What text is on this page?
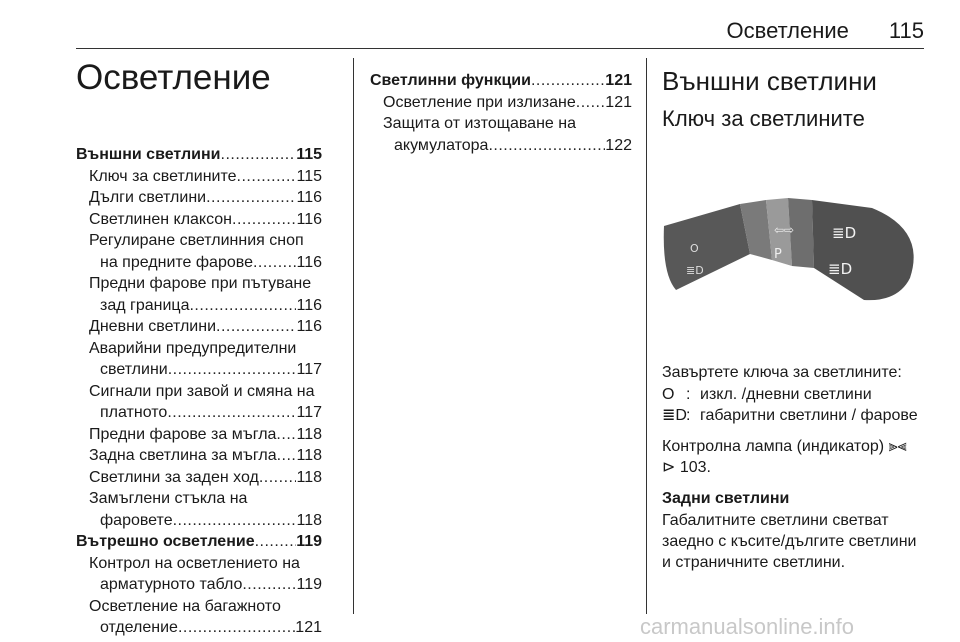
Осветление 115
Осветление
Външни светлини .....	115
Ключ за светлините .....	115
Дълги светлини .....	116
Светлинен клаксон .....	116
Регулиране светлинния сноп
на предните фарове .....	116
Предни фарове при пътуване
зад граница .....	116
Дневни светлини .....	116
Аварийни предупредителни
светлини .....	117
Сигнали при завой и смяна на
платното .....	117
Предни фарове за мъгла ..... 118
Задна светлина за мъгла ..... 118
Светлини за заден ход ..... 118
Замъглени стъкла на
фаровете .....	118
Вътрешно осветление .....	119
Контрол на осветлението на
арматурното табло .....	119
Осветление на багажното
отделение .....	121
Светлинни функции .....	121
Осветление при излизане ..... 121
Защита от изтощаване на
акумулатора .....	122
Външни светлини
Ключ за светлините
O
≣D
⇦⇨
P
≣D
≣D
Завъртете ключа за светлините:
O : изкл. /дневни светлини
≣D : габаритни светлини / фарове
Контролна лампа (индикатор) ⫸⫷
⊳ 103.
Задни светлини
Габалитните светлини светват
заедно с късите/дългите светлини
и страничните светлини.
carmanualsonline.info
